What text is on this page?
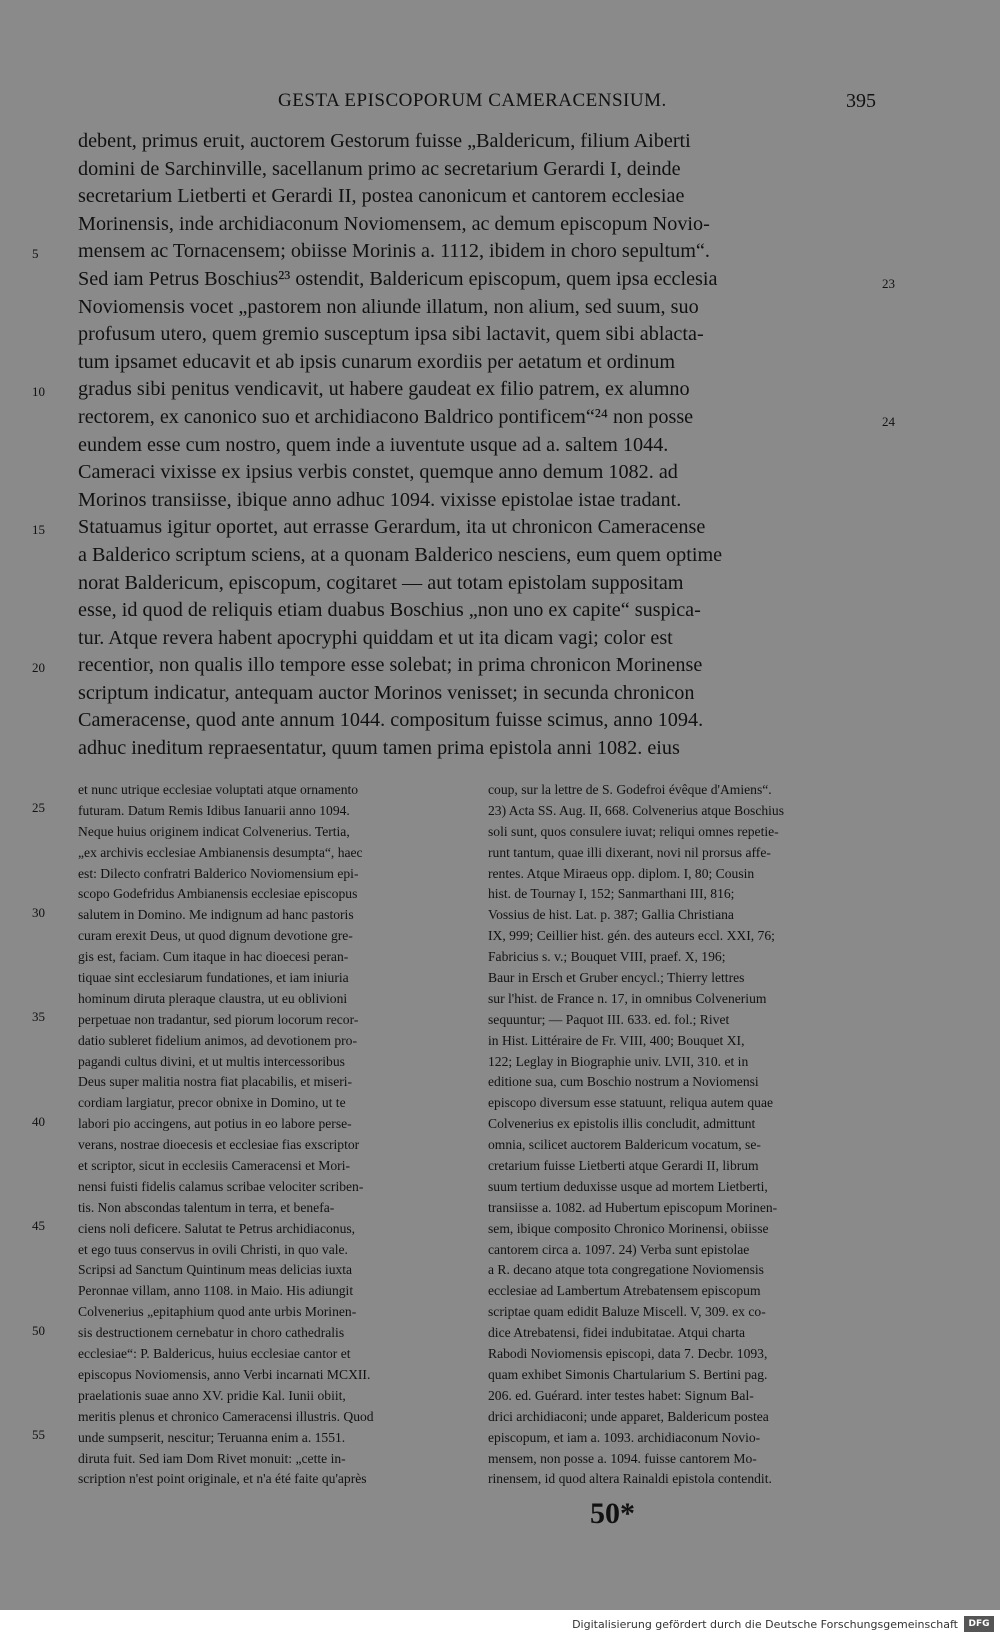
GESTA EPISCOPORUM CAMERACENSIUM.	395
debent, primus eruit, auctorem Gestorum fuisse „Baldericum, filium Aiberti
domini de Sarchinville, sacellanum primo ac secretarium Gerardi I, deinde
secretarium Lietberti et Gerardi II, postea canonicum et cantorem ecclesiae
Morinensis, inde archidiaconum Noviomensem, ac demum episcopum Novio-
mensem ac Tornacensem; obiisse Morinis a. 1112, ibidem in choro sepultum“.
Sed iam Petrus Boschius²³ ostendit, Baldericum episcopum, quem ipsa ecclesia
Noviomensis vocet „pastorem non aliunde illatum, non alium, sed suum, suo
profusum utero, quem gremio susceptum ipsa sibi lactavit, quem sibi ablacta-
tum ipsamet educavit et ab ipsis cunarum exordiis per aetatum et ordinum
gradus sibi penitus vendicavit, ut habere gaudeat ex filio patrem, ex alumno
rectorem, ex canonico suo et archidiacono Baldrico pontificem“²⁴ non posse
eundem esse cum nostro, quem inde a iuventute usque ad a. saltem 1044.
Cameraci vixisse ex ipsius verbis constet, quemque anno demum 1082. ad
Morinos transiisse, ibique anno adhuc 1094. vixisse epistolae istae tradant.
Statuamus igitur oportet, aut errasse Gerardum, ita ut chronicon Cameracense
a Balderico scriptum sciens, at a quonam Balderico nesciens, eum quem optime
norat Baldericum, episcopum, cogitaret — aut totam epistolam suppositam
esse, id quod de reliquis etiam duabus Boschius „non uno ex capite“ suspica-
tur. Atque revera habent apocryphi quiddam et ut ita dicam vagi; color est
recentior, non qualis illo tempore esse solebat; in prima chronicon Morinense
scriptum indicatur, antequam auctor Morinos venisset; in secunda chronicon
Cameracense, quod ante annum 1044. compositum fuisse scimus, anno 1094.
adhuc ineditum repraesentatur, quum tamen prima epistola anni 1082. eius
5
10
15
20
23
24
et nunc utrique ecclesiae voluptati atque ornamento
futuram. Datum Remis Idibus Ianuarii anno 1094.
Neque huius originem indicat Colvenerius. Tertia,
„ex archivis ecclesiae Ambianensis desumpta“, haec
est: Dilecto confratri Balderico Noviomensium epi-
scopo Godefridus Ambianensis ecclesiae episcopus
salutem in Domino. Me indignum ad hanc pastoris
curam erexit Deus, ut quod dignum devotione gre-
gis est, faciam. Cum itaque in hac dioecesi peran-
tiquae sint ecclesiarum fundationes, et iam iniuria
hominum diruta pleraque claustra, ut eu oblivioni
perpetuae non tradantur, sed piorum locorum recor-
datio subleret fidelium animos, ad devotionem pro-
pagandi cultus divini, et ut multis intercessoribus
Deus super malitia nostra fiat placabilis, et miseri-
cordiam largiatur, precor obnixe in Domino, ut te
labori pio accingens, aut potius in eo labore perse-
verans, nostrae dioecesis et ecclesiae fias exscriptor
et scriptor, sicut in ecclesiis Cameracensi et Mori-
nensi fuisti fidelis calamus scribae velociter scriben-
tis. Non abscondas talentum in terra, et benefa-
ciens noli deficere. Salutat te Petrus archidiaconus,
et ego tuus conservus in ovili Christi, in quo vale.
Scripsi ad Sanctum Quintinum meas delicias iuxta
Peronnae villam, anno 1108. in Maio. His adiungit
Colvenerius „epitaphium quod ante urbis Morinen-
sis destructionem cernebatur in choro cathedralis
ecclesiae“: P. Baldericus, huius ecclesiae cantor et
episcopus Noviomensis, anno Verbi incarnati MCXII.
praelationis suae anno XV. pridie Kal. Iunii obiit,
meritis plenus et chronico Cameracensi illustris. Quod
unde sumpserit, nescitur; Teruanna enim a. 1551.
diruta fuit. Sed iam Dom Rivet monuit: „cette in-
scription n'est point originale, et n'a été faite qu'après
coup, sur la lettre de S. Godefroi évêque d'Amiens“.
23) Acta SS. Aug. II, 668. Colvenerius atque Boschius
soli sunt, quos consulere iuvat; reliqui omnes repetie-
runt tantum, quae illi dixerant, novi nil prorsus affe-
rentes. Atque Miraeus opp. diplom. I, 80; Cousin
hist. de Tournay I, 152; Sanmarthani III, 816;
Vossius de hist. Lat. p. 387; Gallia Christiana
IX, 999; Ceillier hist. gén. des auteurs eccl. XXI, 76;
Fabricius s. v.; Bouquet VIII, praef. X, 196;
Baur in Ersch et Gruber encycl.; Thierry lettres
sur l'hist. de France n. 17, in omnibus Colvenerium
sequuntur; — Paquot III. 633. ed. fol.; Rivet
in Hist. Littéraire de Fr. VIII, 400; Bouquet XI,
122; Leglay in Biographie univ. LVII, 310. et in
editione sua, cum Boschio nostrum a Noviomensi
episcopo diversum esse statuunt, reliqua autem quae
Colvenerius ex epistolis illis concludit, admittunt
omnia, scilicet auctorem Baldericum vocatum, se-
cretarium fuisse Lietberti atque Gerardi II, librum
suum tertium deduxisse usque ad mortem Lietberti,
transiisse a. 1082. ad Hubertum episcopum Morinen-
sem, ibique composito Chronico Morinensi, obiisse
cantorem circa a. 1097. 24) Verba sunt epistolae
a R. decano atque tota congregatione Noviomensis
ecclesiae ad Lambertum Atrebatensem episcopum
scriptae quam edidit Baluze Miscell. V, 309. ex co-
dice Atrebatensi, fidei indubitatae. Atqui charta
Rabodi Noviomensis episcopi, data 7. Decbr. 1093,
quam exhibet Simonis Chartularium S. Bertini pag.
206. ed. Guérard. inter testes habet: Signum Bal-
drici archidiaconi; unde apparet, Baldericum postea
episcopum, et iam a. 1093. archidiaconum Novio-
mensem, non posse a. 1094. fuisse cantorem Mo-
rinensem, id quod altera Rainaldi epistola contendit.
25
30
35
40
45
50
55
50*
Digitalisierung gefördert durch die Deutsche Forschungsgemeinschaft	DFG
